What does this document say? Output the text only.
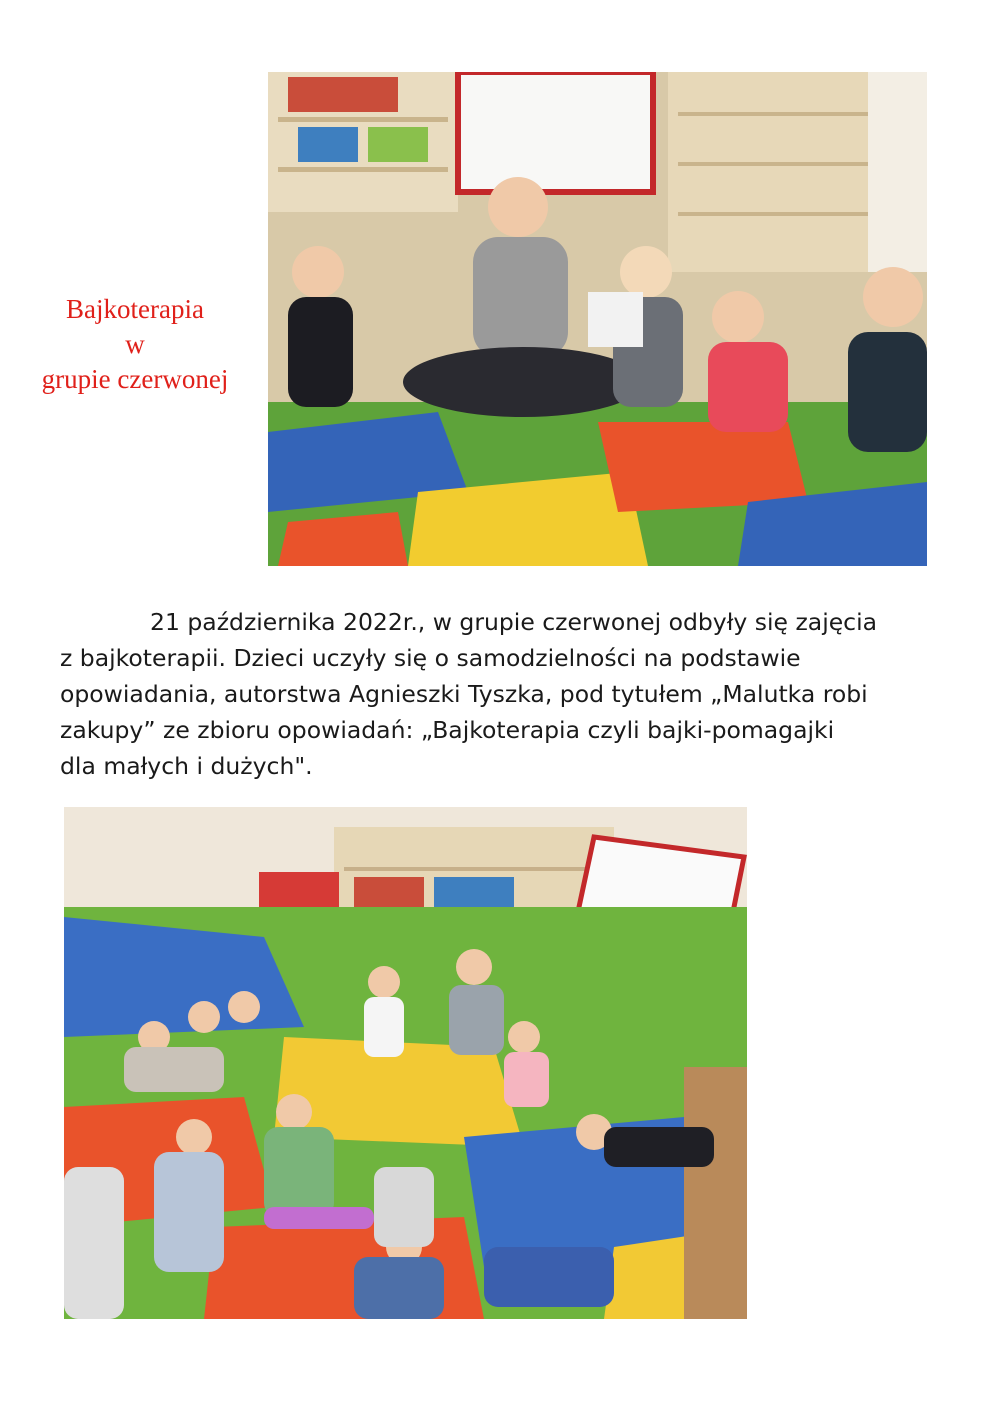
Bajkoterapia
w
grupie czerwonej
21 października 2022r., w grupie czerwonej odbyły się zajęcia
z bajkoterapii. Dzieci uczyły się o samodzielności na podstawie
opowiadania, autorstwa Agnieszki Tyszka, pod tytułem „Malutka robi
zakupy” ze zbioru opowiadań: „Bajkoterapia czyli bajki-pomagajki
dla małych i dużych".
